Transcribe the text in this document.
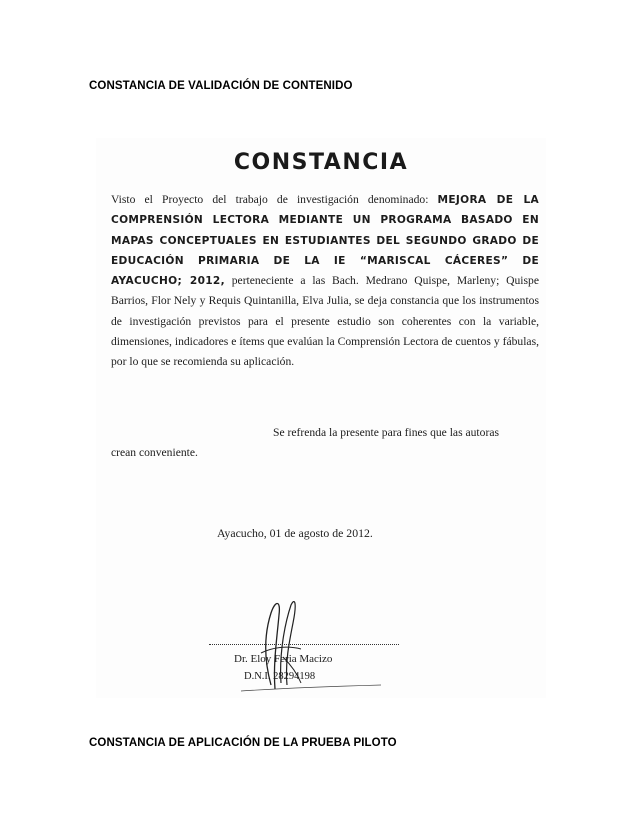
CONSTANCIA DE VALIDACIÓN DE CONTENIDO
CONSTANCIA
Visto el Proyecto del trabajo de investigación denominado: MEJORA DE LA COMPRENSIÓN LECTORA MEDIANTE UN PROGRAMA BASADO EN MAPAS CONCEPTUALES EN ESTUDIANTES DEL SEGUNDO GRADO DE EDUCACIÓN PRIMARIA DE LA IE “MARISCAL CÁCERES” DE AYACUCHO; 2012, perteneciente a las Bach. Medrano Quispe, Marleny; Quispe Barrios, Flor Nely y Requis Quintanilla, Elva Julia, se deja constancia que los instrumentos de investigación previstos para el presente estudio son coherentes con la variable, dimensiones, indicadores e ítems que evalúan la Comprensión Lectora de cuentos y fábulas, por lo que se recomienda su aplicación.
Se refrenda la presente para fines que las autoras
crean conveniente.
Ayacucho, 01 de agosto de 2012.
Dr. Eloy Feria Macizo
D.N.I. 28294198
CONSTANCIA DE APLICACIÓN DE LA PRUEBA PILOTO
